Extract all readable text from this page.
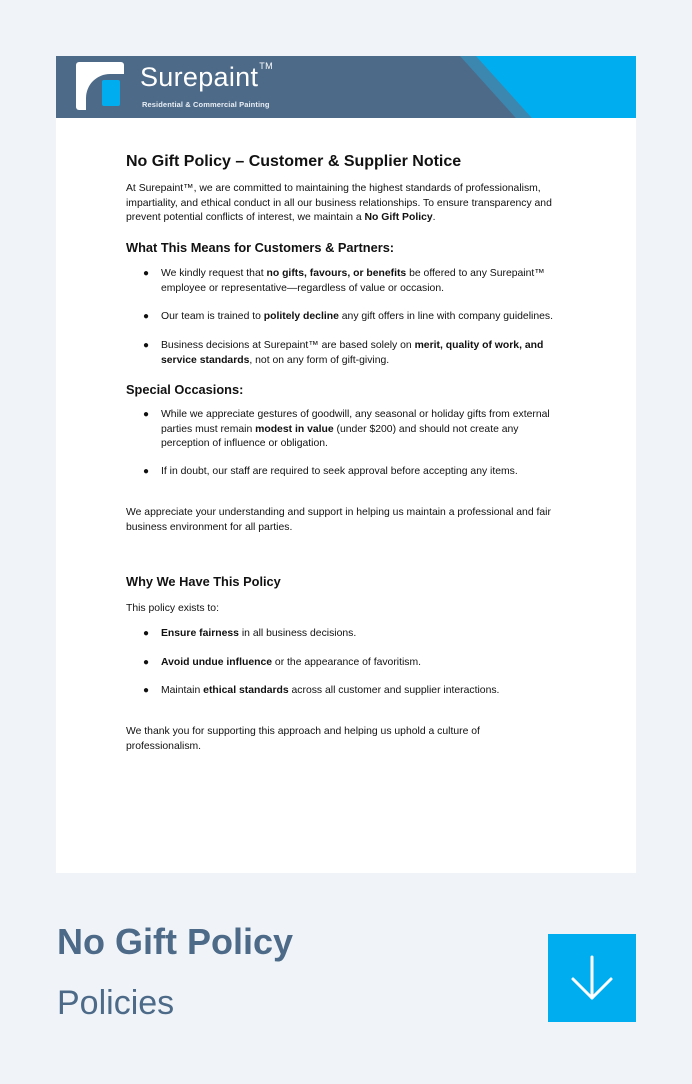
Surepaint™
Residential & Commercial Painting
No Gift Policy – Customer & Supplier Notice
At Surepaint™, we are committed to maintaining the highest standards of professionalism, impartiality, and ethical conduct in all our business relationships. To ensure transparency and prevent potential conflicts of interest, we maintain a No Gift Policy.
What This Means for Customers & Partners:
● We kindly request that no gifts, favours, or benefits be offered to any Surepaint™ employee or representative—regardless of value or occasion.
● Our team is trained to politely decline any gift offers in line with company guidelines.
● Business decisions at Surepaint™ are based solely on merit, quality of work, and service standards, not on any form of gift-giving.
Special Occasions:
● While we appreciate gestures of goodwill, any seasonal or holiday gifts from external parties must remain modest in value (under $200) and should not create any perception of influence or obligation.
● If in doubt, our staff are required to seek approval before accepting any items.
We appreciate your understanding and support in helping us maintain a professional and fair business environment for all parties.
Why We Have This Policy
This policy exists to:
● Ensure fairness in all business decisions.
● Avoid undue influence or the appearance of favoritism.
● Maintain ethical standards across all customer and supplier interactions.
We thank you for supporting this approach and helping us uphold a culture of professionalism.
No Gift Policy
Policies
